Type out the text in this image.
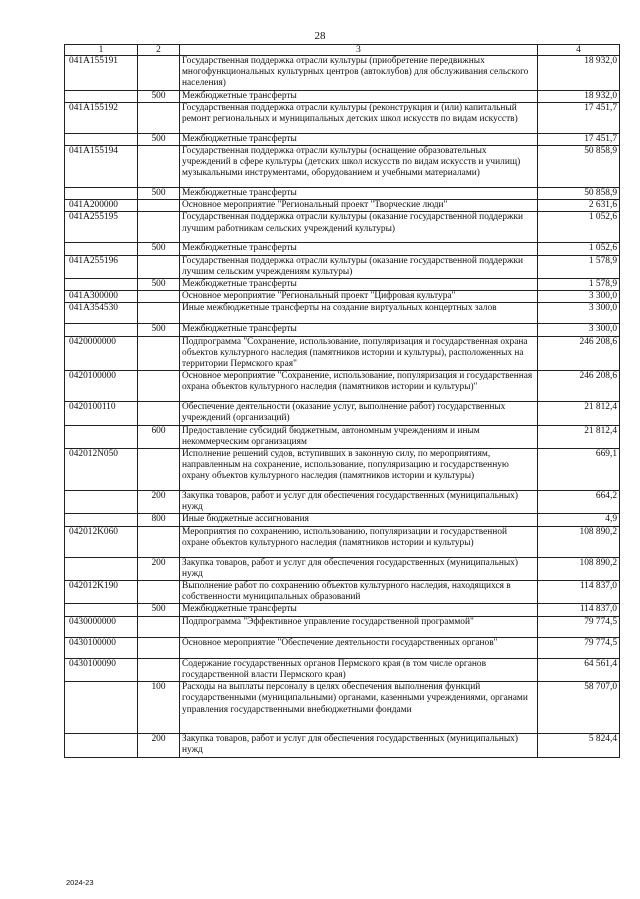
28
1	2	3	4
041A155191		Государственная поддержка отрасли культуры (приобретение передвижных многофункциональных культурных центров (автоклубов) для обслуживания сельского населения)	18 932,0
	500	Межбюджетные трансферты	18 932,0
041A155192		Государственная поддержка отрасли культуры (реконструкция и (или) капитальный ремонт региональных и муниципальных детских школ искусств по видам искусств)	17 451,7
	500	Межбюджетные трансферты	17 451,7
041A155194		Государственная поддержка отрасли культуры (оснащение образовательных учреждений в сфере культуры (детских школ искусств по видам искусств и училищ) музыкальными инструментами, оборудованием и учебными материалами)	50 858,9
	500	Межбюджетные трансферты	50 858,9
041A200000		Основное мероприятие "Региональный проект "Творческие люди"	2 631,6
041A255195		Государственная поддержка отрасли культуры (оказание государственной поддержки лучшим работникам сельских учреждений культуры)	1 052,6
	500	Межбюджетные трансферты	1 052,6
041A255196		Государственная поддержка отрасли культуры (оказание государственной поддержки лучшим сельским учреждениям культуры)	1 578,9
	500	Межбюджетные трансферты	1 578,9
041A300000		Основное мероприятие "Региональный проект "Цифровая культура"	3 300,0
041A354530		Иные межбюджетные трансферты на создание виртуальных концертных залов	3 300,0
	500	Межбюджетные трансферты	3 300,0
0420000000		Подпрограмма "Сохранение, использование, популяризация и государственная охрана объектов культурного наследия (памятников истории и культуры), расположенных на территории Пермского края"	246 208,6
0420100000		Основное мероприятие "Сохранение, использование, популяризация и государственная охрана объектов культурного наследия (памятников истории и культуры)"	246 208,6
0420100110		Обеспечение деятельности (оказание услуг, выполнение работ) государственных учреждений (организаций)	21 812,4
	600	Предоставление субсидий бюджетным, автономным учреждениям и иным некоммерческим организациям	21 812,4
042012N050		Исполнение решений судов, вступивших в законную силу, по мероприятиям, направленным на сохранение, использование, популяризацию и государственную охрану объектов культурного наследия (памятников истории и культуры)	669,1
	200	Закупка товаров, работ и услуг для обеспечения государственных (муниципальных) нужд	664,2
	800	Иные бюджетные ассигнования	4,9
042012K060		Мероприятия по сохранению, использованию, популяризации и государственной охране объектов культурного наследия (памятников истории и культуры)	108 890,2
	200	Закупка товаров, работ и услуг для обеспечения государственных (муниципальных) нужд	108 890,2
042012K190		Выполнение работ по сохранению объектов культурного наследия, находящихся в собственности муниципальных образований	114 837,0
	500	Межбюджетные трансферты	114 837,0
0430000000		Подпрограмма "Эффективное управление государственной программой"	79 774,5
0430100000		Основное мероприятие "Обеспечение деятельности государственных органов"	79 774,5
0430100090		Содержание государственных органов Пермского края (в том числе органов государственной власти Пермского края)	64 561,4
	100	Расходы на выплаты персоналу в целях обеспечения выполнения функций государственными (муниципальными) органами, казенными учреждениями, органами управления государственными внебюджетными фондами	58 707,0
	200	Закупка товаров, работ и услуг для обеспечения государственных (муниципальных) нужд	5 824,4
2024-23
